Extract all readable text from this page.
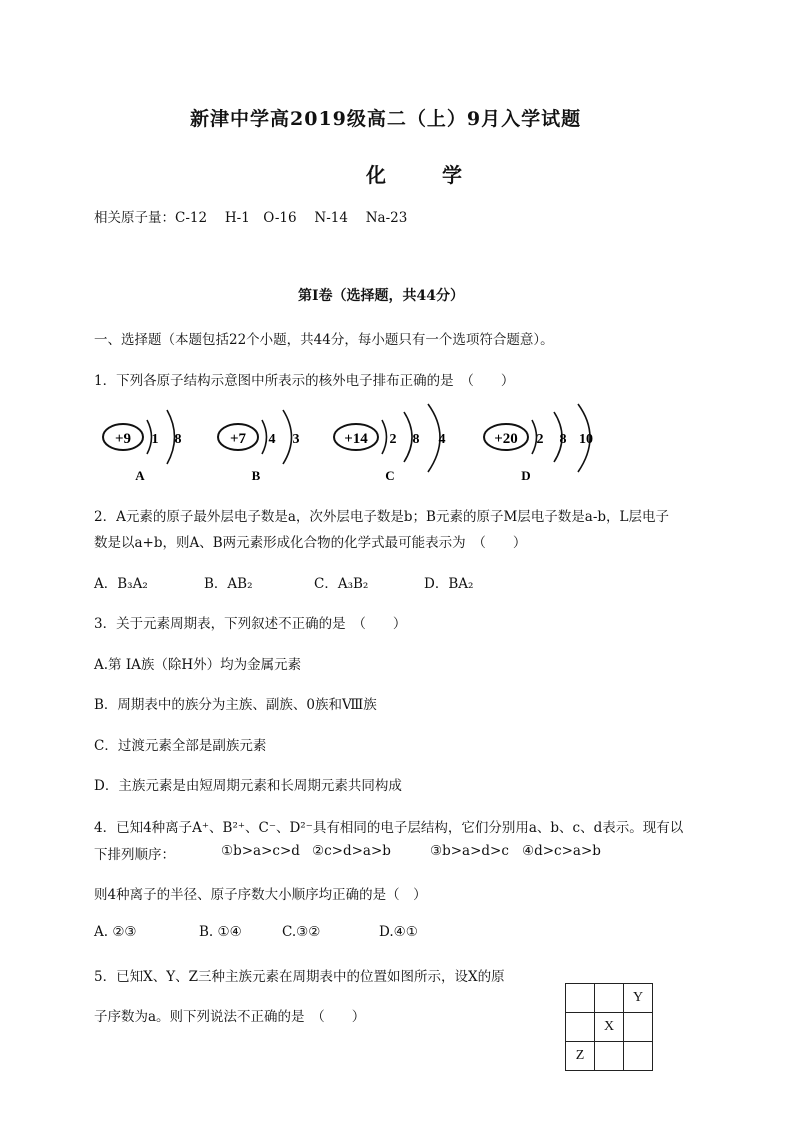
新津中学高2019级高二（上）9月入学试题
化　学
相关原子量：C-12　 H-1　O-16　 N-14　 Na-23
第Ⅰ卷（选择题，共44分）
一、选择题（本题包括22个小题，共44分，每小题只有一个选项符合题意）。
1．下列各原子结构示意图中所表示的核外电子排布正确的是　（　　）
+9 1 8
A
+7 4 3
B
+14 2 8 4
C
+20 2 8 10
D
2．A元素的原子最外层电子数是a，次外层电子数是b；B元素的原子M层电子数是a-b，L层电子
数是以a+b，则A、B两元素形成化合物的化学式最可能表示为　（　　）
A．B₃A₂	B．AB₂	C．A₃B₂	D．BA₂
3．关于元素周期表，下列叙述不正确的是　（　　）
A.第 IA族（除H外）均为金属元素
B．周期表中的族分为主族、副族、0族和Ⅷ族
C．过渡元素全部是副族元素
D．主族元素是由短周期元素和长周期元素共同构成
4．已知4种离子A⁺、B²⁺、C⁻、D²⁻具有相同的电子层结构，它们分别用a、b、c、d表示。现有以
下排列顺序：	①b>a>c>d ②c>d>a>b	③b>a>d>c ④d>c>a>b
则4种离子的半径、原子序数大小顺序均正确的是（　）
A. ②③	B. ①④	C.③②	D.④①
5．已知X、Y、Z三种主族元素在周期表中的位置如图所示，设X的原
子序数为a。则下列说法不正确的是　（　　）
		Y
	X	
Z		
